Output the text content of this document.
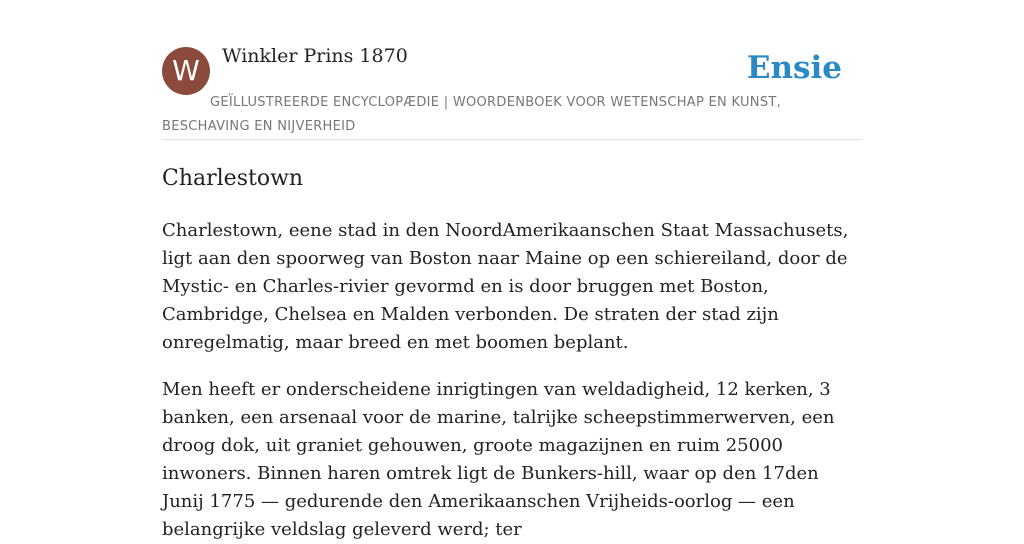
W	Winkler Prins 1870	Ensie
GEÏLLUSTREERDE ENCYCLOPÆDIE | WOORDENBOEK VOOR WETENSCHAP EN KUNST, BESCHAVING EN NIJVERHEID
Charlestown

Charlestown, eene stad in den NoordAmerikaanschen Staat Massachusets, ligt aan den spoorweg van Boston naar Maine op een schiereiland, door de Mystic- en Charles-rivier gevormd en is door bruggen met Boston, Cambridge, Chelsea en Malden verbonden. De straten der stad zijn onregelmatig, maar breed en met boomen beplant.

Men heeft er onderscheidene inrigtingen van weldadigheid, 12 kerken, 3 banken, een arsenaal voor de marine, talrijke scheepstimmerwerven, een droog dok, uit graniet gehouwen, groote magazijnen en ruim 25000 inwoners. Binnen haren omtrek ligt de Bunkers-hill, waar op den 17den Junij 1775 — gedurende den Amerikaanschen Vrijheids-oorlog — een belangrijke veldslag geleverd werd; ter
